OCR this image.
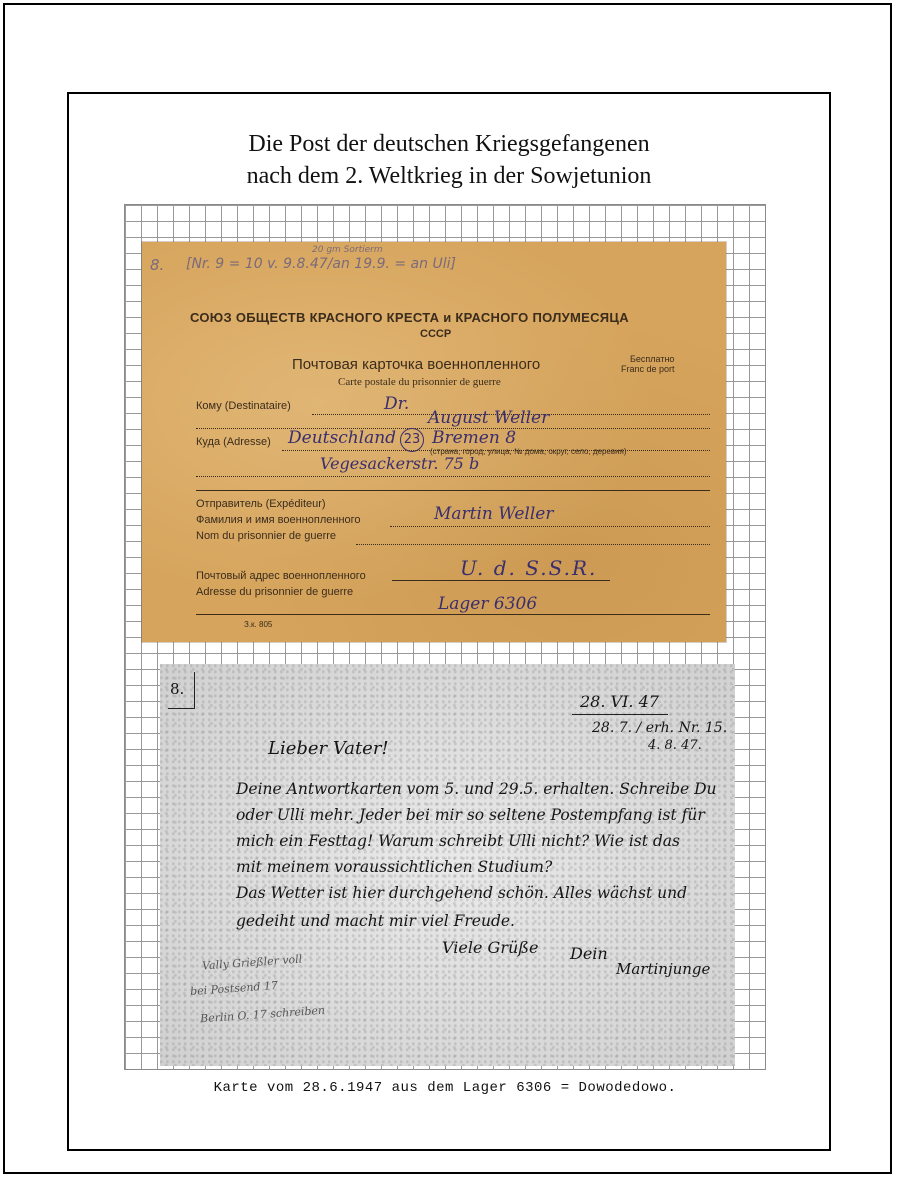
Die Post der deutschen Kriegsgefangenen
nach dem 2. Weltkrieg in der Sowjetunion
8. [Nr. 9 = 10 v. 9.8.47/an 19.9. = an Uli]
20 gm Sortierm
СОЮЗ ОБЩЕСТВ КРАСНОГО КРЕСТА и КРАСНОГО ПОЛУМЕСЯЦА
СССР
Почтовая карточка военнопленного
Carte postale du prisonnier de guerre
Бесплатно
Franc de port
Кому (Destinataire)	Dr.
August Weller
Куда (Adresse) Deutschland 23 Bremen 8
(страна, город, улица, № дома, округ, село, деревня)
Vegesackerstr. 75 b
Отправитель (Expéditeur)
Фамилия и имя военнопленного	Martin Weller
Nom du prisonnier de guerre
Почтовый адрес военнопленного	U. d. S.S.R.
Adresse du prisonnier de guerre
Lager 6306
З.к. 805
8.
28. VI. 47
28. 7. / erh. Nr. 15.
4. 8. 47.
Lieber Vater!
Deine Antwortkarten vom 5. und 29.5. erhalten. Schreibe Du
oder Ulli mehr. Jeder bei mir so seltene Postempfang ist für
mich ein Festtag! Warum schreibt Ulli nicht? Wie ist das
mit meinem voraussichtlichen Studium?
Das Wetter ist hier durchgehend schön. Alles wächst und
gedeiht und macht mir viel Freude.
Viele Grüße Dein
Martinjunge
Vally Grießler voll
bei Postsend 17
Berlin O. 17 schreiben
Karte vom 28.6.1947 aus dem Lager 6306 = Dowodedowo.
